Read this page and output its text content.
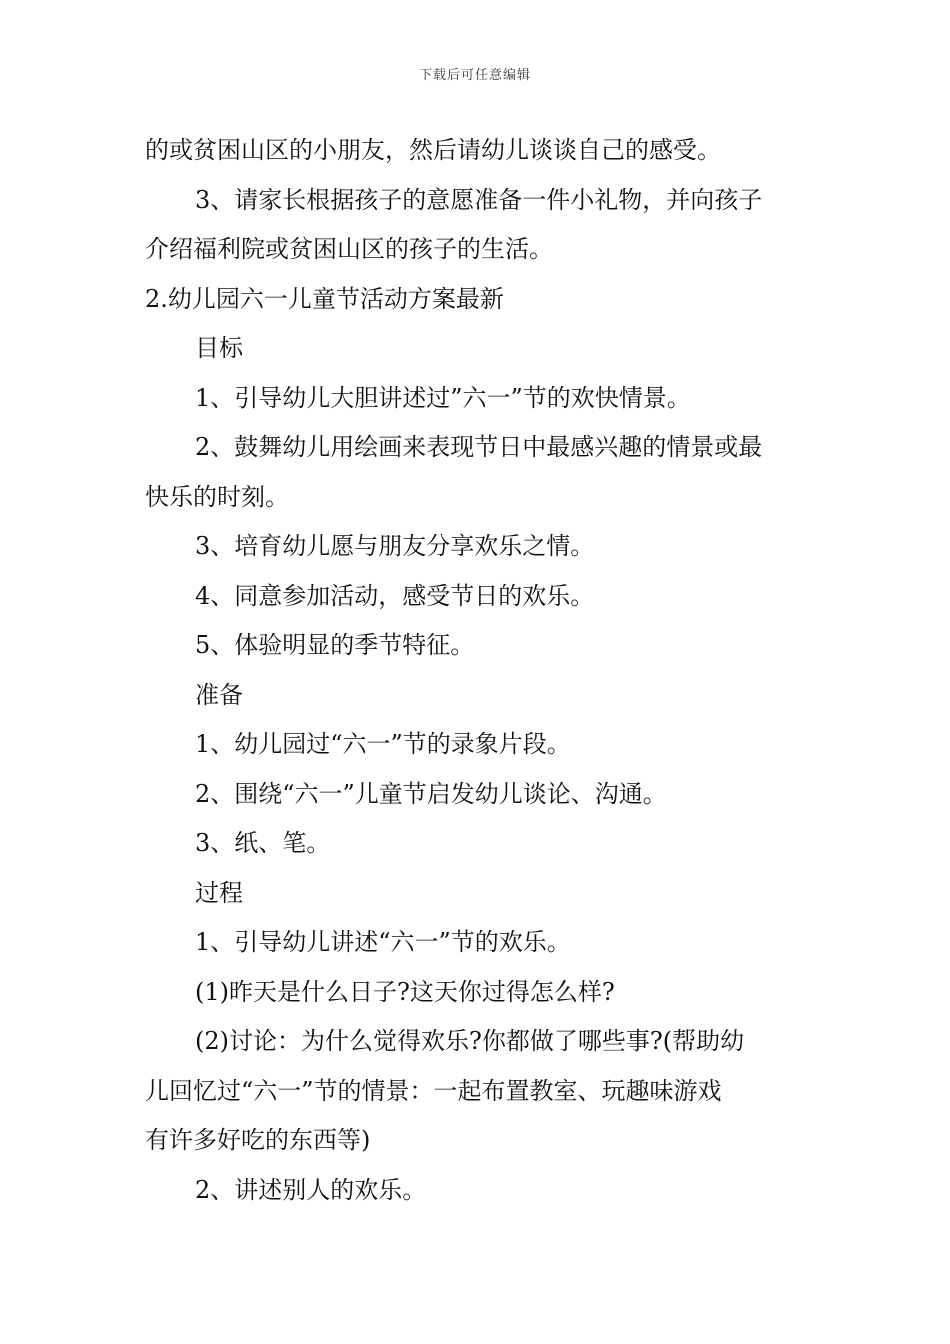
下载后可任意编辑
的或贫困山区的小朋友，然后请幼儿谈谈自己的感受。
3、请家长根据孩子的意愿准备一件小礼物，并向孩子
介绍福利院或贫困山区的孩子的生活。
2.幼儿园六一儿童节活动方案最新
目标
1、引导幼儿大胆讲述过”六一”节的欢快情景。
2、鼓舞幼儿用绘画来表现节日中最感兴趣的情景或最
快乐的时刻。
3、培育幼儿愿与朋友分享欢乐之情。
4、同意参加活动，感受节日的欢乐。
5、体验明显的季节特征。
准备
1、幼儿园过“六一”节的录象片段。
2、围绕“六一”儿童节启发幼儿谈论、沟通。
3、纸、笔。
过程
1、引导幼儿讲述“六一”节的欢乐。
(1)昨天是什么日子?这天你过得怎么样?
(2)讨论：为什么觉得欢乐?你都做了哪些事?(帮助幼
儿回忆过“六一”节的情景：一起布置教室、玩趣味游戏
有许多好吃的东西等)
2、讲述别人的欢乐。
